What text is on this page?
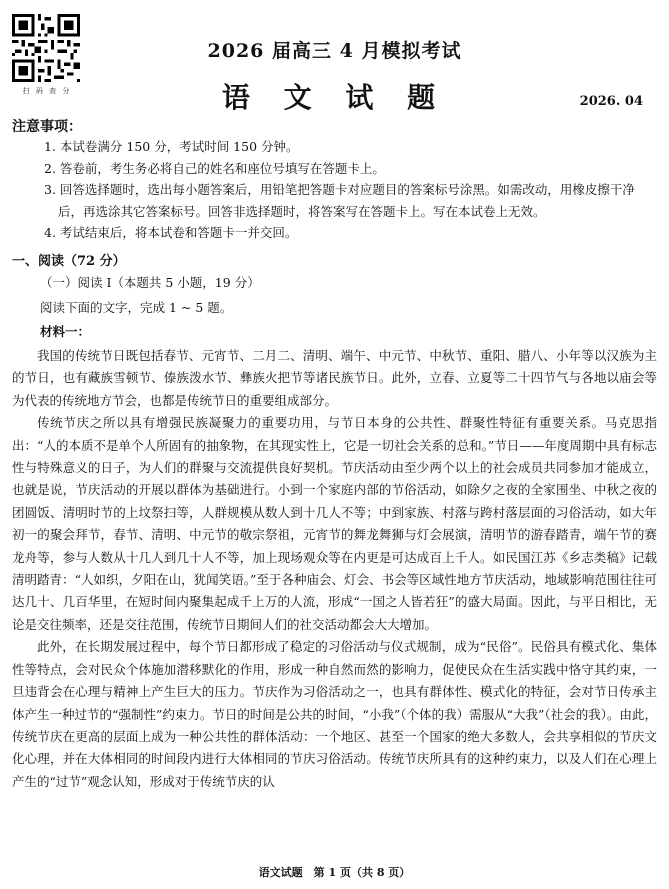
扫 码 查 分
2026 届高三 4 月模拟考试
语 文 试 题	2026. 04
注意事项：

1. 本试卷满分 150 分，考试时间 150 分钟。

2. 答卷前，考生务必将自己的姓名和座位号填写在答题卡上。

3. 回答选择题时，选出每小题答案后，用铅笔把答题卡对应题目的答案标号涂黑。如需改动，用橡皮擦干净后，再选涂其它答案标号。回答非选择题时，将答案写在答题卡上。写在本试卷上无效。

4. 考试结束后，将本试卷和答题卡一并交回。

一、阅读（72 分）
（一）阅读 Ⅰ（本题共 5 小题，19 分）
阅读下面的文字，完成 1 ~ 5 题。
材料一：

我国的传统节日既包括春节、元宵节、二月二、清明、端午、中元节、中秋节、重阳、腊八、小年等以汉族为主的节日，也有藏族雪顿节、傣族泼水节、彝族火把节等诸民族节日。此外，立春、立夏等二十四节气与各地以庙会等为代表的传统地方节会，也都是传统节日的重要组成部分。

传统节庆之所以具有增强民族凝聚力的重要功用，与节日本身的公共性、群聚性特征有重要关系。马克思指出：“人的本质不是单个人所固有的抽象物，在其现实性上，它是一切社会关系的总和。”节日——年度周期中具有标志性与特殊意义的日子，为人们的群聚与交流提供良好契机。节庆活动由至少两个以上的社会成员共同参加才能成立，也就是说，节庆活动的开展以群体为基础进行。小到一个家庭内部的节俗活动，如除夕之夜的全家围坐、中秋之夜的团圆饭、清明时节的上坟祭扫等，人群规模从数人到十几人不等；中到家族、村落与跨村落层面的习俗活动，如大年初一的聚会拜节，春节、清明、中元节的敬宗祭祖，元宵节的舞龙舞狮与灯会展演，清明节的游春踏青，端午节的赛龙舟等，参与人数从十几人到几十人不等，加上现场观众等在内更是可达成百上千人。如民国江苏《乡志类稿》记载清明踏青：“人如织，夕阳在山，犹闻笑语。”至于各种庙会、灯会、书会等区域性地方节庆活动，地域影响范围往往可达几十、几百华里，在短时间内聚集起成千上万的人流，形成“一国之人皆若狂”的盛大局面。因此，与平日相比，无论是交往频率，还是交往范围，传统节日期间人们的社交活动都会大大增加。

此外，在长期发展过程中，每个节日都形成了稳定的习俗活动与仪式规制，成为“民俗”。民俗具有模式化、集体性等特点，会对民众个体施加潜移默化的作用，形成一种自然而然的影响力，促使民众在生活实践中恪守其约束，一旦违背会在心理与精神上产生巨大的压力。节庆作为习俗活动之一，也具有群体性、模式化的特征，会对节日传承主体产生一种过节的“强制性”约束力。节日的时间是公共的时间，“小我”（个体的我）需服从“大我”（社会的我）。由此，传统节庆在更高的层面上成为一种公共性的群体活动：一个地区、甚至一个国家的绝大多数人，会共享相似的节庆文化心理，并在大体相同的时间段内进行大体相同的节庆习俗活动。传统节庆所具有的这种约束力，以及人们在心理上产生的“过节”观念认知，形成对于传统节庆的认

语文试题　第 1 页（共 8 页）
